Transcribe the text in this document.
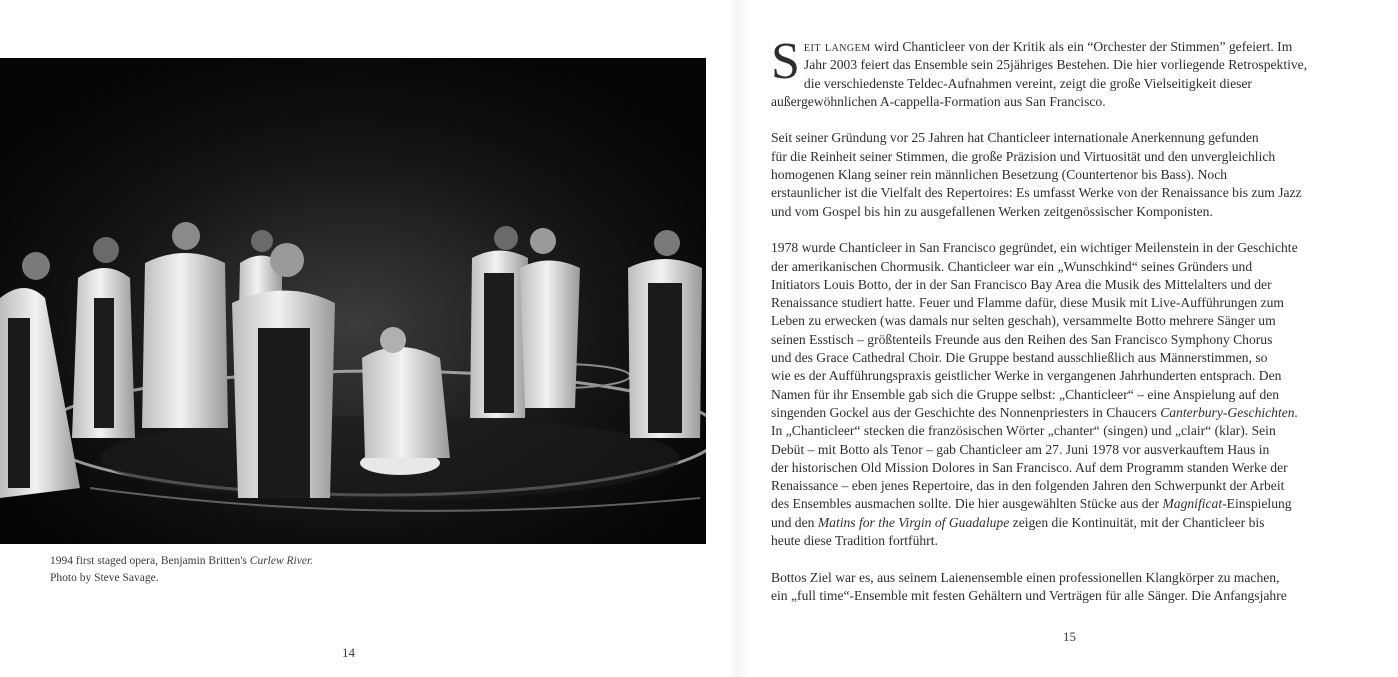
1994 first staged opera, Benjamin Britten's Curlew River.
Photo by Steve Savage.
14

S eit langem wird Chanticleer von der Kritik als ein “Orchester der Stimmen” gefeiert. Im
Jahr 2003 feiert das Ensemble sein 25jähriges Bestehen. Die hier vorliegende Retrospektive,
die verschiedenste Teldec-Aufnahmen vereint, zeigt die große Vielseitigkeit dieser
außergewöhnlichen A-cappella-Formation aus San Francisco.

Seit seiner Gründung vor 25 Jahren hat Chanticleer internationale Anerkennung gefunden
für die Reinheit seiner Stimmen, die große Präzision und Virtuosität und den unvergleichlich
homogenen Klang seiner rein männlichen Besetzung (Countertenor bis Bass). Noch
erstaunlicher ist die Vielfalt des Repertoires: Es umfasst Werke von der Renaissance bis zum Jazz
und vom Gospel bis hin zu ausgefallenen Werken zeitgenössischer Komponisten.

1978 wurde Chanticleer in San Francisco gegründet, ein wichtiger Meilenstein in der Geschichte
der amerikanischen Chormusik. Chanticleer war ein „Wunschkind“ seines Gründers und
Initiators Louis Botto, der in der San Francisco Bay Area die Musik des Mittelalters und der
Renaissance studiert hatte. Feuer und Flamme dafür, diese Musik mit Live-Aufführungen zum
Leben zu erwecken (was damals nur selten geschah), versammelte Botto mehrere Sänger um
seinen Esstisch – größtenteils Freunde aus den Reihen des San Francisco Symphony Chorus
und des Grace Cathedral Choir. Die Gruppe bestand ausschließlich aus Männerstimmen, so
wie es der Aufführungspraxis geistlicher Werke in vergangenen Jahrhunderten entsprach. Den
Namen für ihr Ensemble gab sich die Gruppe selbst: „Chanticleer“ – eine Anspielung auf den
singenden Gockel aus der Geschichte des Nonnenpriesters in Chaucers Canterbury-Geschichten.
In „Chanticleer“ stecken die französischen Wörter „chanter“ (singen) und „clair“ (klar). Sein
Debüt – mit Botto als Tenor – gab Chanticleer am 27. Juni 1978 vor ausverkauftem Haus in
der historischen Old Mission Dolores in San Francisco. Auf dem Programm standen Werke der
Renaissance – eben jenes Repertoire, das in den folgenden Jahren den Schwerpunkt der Arbeit
des Ensembles ausmachen sollte. Die hier ausgewählten Stücke aus der Magnificat-Einspielung
und den Matins for the Virgin of Guadalupe zeigen die Kontinuität, mit der Chanticleer bis
heute diese Tradition fortführt.

Bottos Ziel war es, aus seinem Laienensemble einen professionellen Klangkörper zu machen,
ein „full time“-Ensemble mit festen Gehältern und Verträgen für alle Sänger. Die Anfangsjahre

15
